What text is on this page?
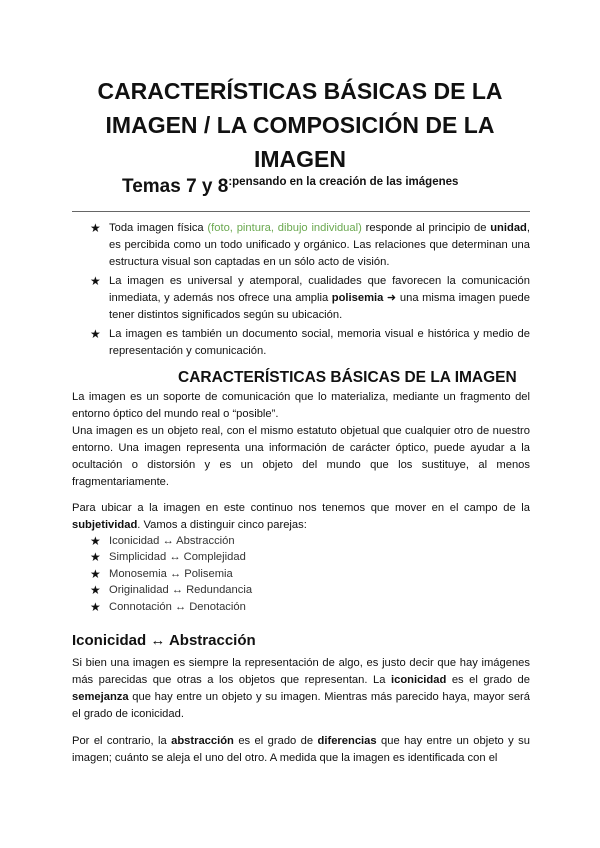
CARACTERÍSTICAS BÁSICAS DE LA
IMAGEN / LA COMPOSICIÓN DE LA
IMAGEN
Temas 7 y $8^{:pensando en la creación de las imágenes}$
★ Toda imagen física (foto, pintura, dibujo individual) responde al principio de unidad, es percibida como un todo unificado y orgánico. Las relaciones que determinan una estructura visual son captadas en un sólo acto de visión.
★ La imagen es universal y atemporal, cualidades que favorecen la comunicación inmediata, y además nos ofrece una amplia polisemia ➜ una misma imagen puede tener distintos significados según su ubicación.
★ La imagen es también un documento social, memoria visual e histórica y medio de representación y comunicación.
CARACTERÍSTICAS BÁSICAS DE LA IMAGEN
La imagen es un soporte de comunicación que lo materializa, mediante un fragmento del entorno óptico del mundo real o “posible”.
Una imagen es un objeto real, con el mismo estatuto objetual que cualquier otro de nuestro entorno. Una imagen representa una información de carácter óptico, puede ayudar a la ocultación o distorsión y es un objeto del mundo que los sustituye, al menos fragmentariamente.
Para ubicar a la imagen en este continuo nos tenemos que mover en el campo de la subjetividad. Vamos a distinguir cinco parejas:
★ Iconicidad ↔ Abstracción
★ Simplicidad ↔ Complejidad
★ Monosemia ↔ Polisemia
★ Originalidad ↔ Redundancia
★ Connotación ↔ Denotación
Iconicidad ↔ Abstracción
Si bien una imagen es siempre la representación de algo, es justo decir que hay imágenes más parecidas que otras a los objetos que representan. La iconicidad es el grado de semejanza que hay entre un objeto y su imagen. Mientras más parecido haya, mayor será el grado de iconicidad.
Por el contrario, la abstracción es el grado de diferencias que hay entre un objeto y su imagen; cuánto se aleja el uno del otro. A medida que la imagen es identificada con el
